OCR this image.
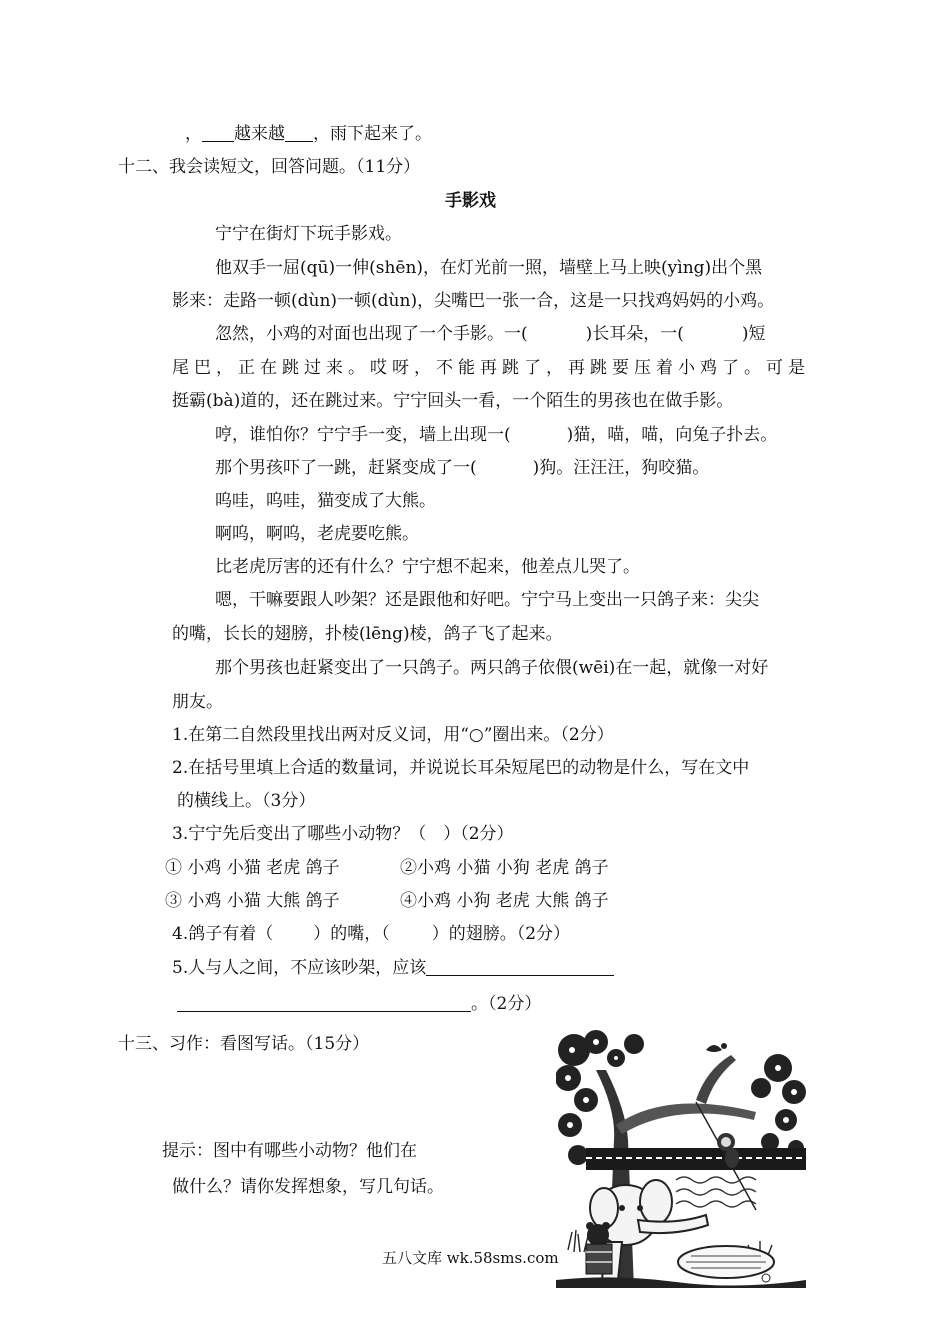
， 越来越 ，雨下起来了。
十二、我会读短文，回答问题。（11分）
手影戏
宁宁在街灯下玩手影戏。
他双手一屈(qū)一伸(shēn)，在灯光前一照，墙壁上马上映(yìng)出个黑
影来：走路一顿(dùn)一顿(dùn)，尖嘴巴一张一合，这是一只找鸡妈妈的小鸡。
忽然，小鸡的对面也出现了一个手影。一(	)长耳朵，一(	)短
尾巴，正在跳过来。哎呀，不能再跳了，再跳要压着小鸡了。可是
挺霸(bà)道的，还在跳过来。宁宁回头一看，一个陌生的男孩也在做手影。
哼，谁怕你？宁宁手一变，墙上出现一(	)猫，喵，喵，向兔子扑去。
那个男孩吓了一跳，赶紧变成了一(	)狗。汪汪汪，狗咬猫。
呜哇，呜哇，猫变成了大熊。
啊呜，啊呜，老虎要吃熊。
比老虎厉害的还有什么？宁宁想不起来，他差点儿哭了。
嗯，干嘛要跟人吵架？还是跟他和好吧。宁宁马上变出一只鸽子来：尖尖
的嘴，长长的翅膀，扑棱(lēng)棱，鸽子飞了起来。
那个男孩也赶紧变出了一只鸽子。两只鸽子依偎(wēi)在一起，就像一对好
朋友。
1.在第二自然段里找出两对反义词，用“○”圈出来。（2分）
2.在括号里填上合适的数量词，并说说长耳朵短尾巴的动物是什么，写在文中
的横线上。（3分）
3.宁宁先后变出了哪些小动物？（　）（2分）
① 小鸡 小猫 老虎 鸽子	②小鸡 小猫 小狗 老虎 鸽子
③ 小鸡 小猫 大熊 鸽子	④小鸡 小狗 老虎 大熊 鸽子
4.鸽子有着（ ）的嘴，（ ）的翅膀。（2分）
5.人与人之间，不应该吵架，应该
。（2分）
十三、习作：看图写话。（15分）
提示：图中有哪些小动物？他们在
做什么？请你发挥想象，写几句话。
五八文库 wk.58sms.com
